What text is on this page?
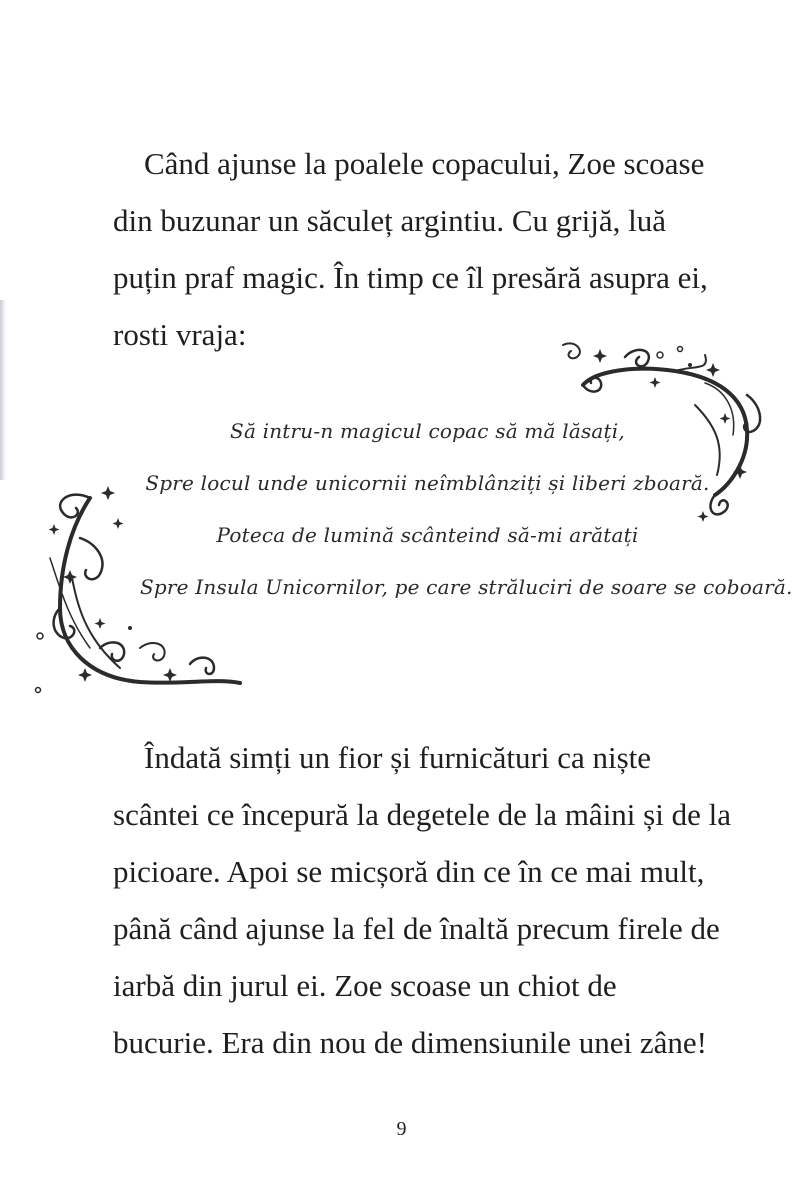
Când ajunse la poalele copacului, Zoe scoase

din buzunar un săculeț argintiu. Cu grijă, luă

puțin praf magic. În timp ce îl presără asupra ei,

rosti vraja:

Să intru-n magicul copac să mă lăsați,

Spre locul unde unicornii neîmblânziți și liberi zboară.

Poteca de lumină scânteind să-mi arătați

Spre Insula Unicornilor, pe care străluciri de soare se coboară.

Îndată simți un fior și furnicături ca niște

scântei ce începură la degetele de la mâini și de la

picioare. Apoi se micșoră din ce în ce mai mult,

până când ajunse la fel de înaltă precum firele de

iarbă din jurul ei. Zoe scoase un chiot de

bucurie. Era din nou de dimensiunile unei zâne!

9
